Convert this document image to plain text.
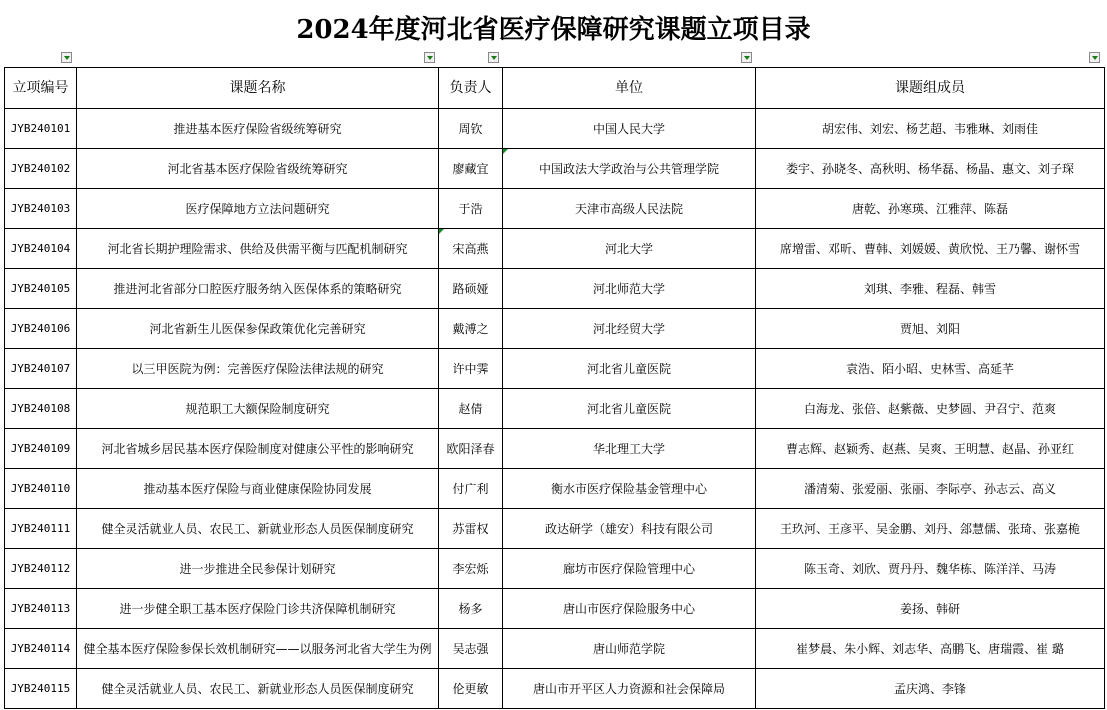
2024年度河北省医疗保障研究课题立项目录
立项编号	课题名称	负责人	单位	课题组成员
JYB240101	推进基本医疗保险省级统筹研究	周钦	中国人民大学	胡宏伟、刘宏、杨艺超、韦雅琳、刘雨佳
JYB240102	河北省基本医疗保险省级统筹研究	廖藏宜	中国政法大学政治与公共管理学院	娄宇、孙晓冬、高秋明、杨华磊、杨晶、惠文、刘子琛
JYB240103	医疗保障地方立法问题研究	于浩	天津市高级人民法院	唐乾、孙寒瑛、江雅萍、陈磊
JYB240104	河北省长期护理险需求、供给及供需平衡与匹配机制研究	宋高燕	河北大学	席增雷、邓昕、曹韩、刘媛媛、黄欣悦、王乃馨、谢怀雪
JYB240105	推进河北省部分口腔医疗服务纳入医保体系的策略研究	路硕娅	河北师范大学	刘琪、李雅、程磊、韩雪
JYB240106	河北省新生儿医保参保政策优化完善研究	戴溥之	河北经贸大学	贾旭、刘阳
JYB240107	以三甲医院为例：完善医疗保险法律法规的研究	许中霁	河北省儿童医院	袁浩、陌小昭、史林雪、高延芊
JYB240108	规范职工大额保险制度研究	赵倩	河北省儿童医院	白海龙、张倍、赵紫薇、史梦圆、尹召宁、范爽
JYB240109	河北省城乡居民基本医疗保险制度对健康公平性的影响研究	欧阳泽春	华北理工大学	曹志辉、赵颖秀、赵燕、吴爽、王明慧、赵晶、孙亚红
JYB240110	推动基本医疗保险与商业健康保险协同发展	付广利	衡水市医疗保险基金管理中心	潘清菊、张爱丽、张丽、李际亭、孙志云、高义
JYB240111	健全灵活就业人员、农民工、新就业形态人员医保制度研究	苏雷权	政达研学（雄安）科技有限公司	王玖河、王彦平、吴金鹏、刘丹、郐慧儒、张琦、张嘉桅
JYB240112	进一步推进全民参保计划研究	李宏烁	廊坊市医疗保险管理中心	陈玉奇、刘欣、贾丹丹、魏华栋、陈洋洋、马涛
JYB240113	进一步健全职工基本医疗保险门诊共济保障机制研究	杨多	唐山市医疗保险服务中心	姜扬、韩研
JYB240114	健全基本医疗保险参保长效机制研究——以服务河北省大学生为例	吴志强	唐山师范学院	崔梦晨、朱小辉、刘志华、高鹏飞、唐瑞霞、崔 璐
JYB240115	健全灵活就业人员、农民工、新就业形态人员医保制度研究	伦更敏	唐山市开平区人力资源和社会保障局	孟庆鸿、李锋
